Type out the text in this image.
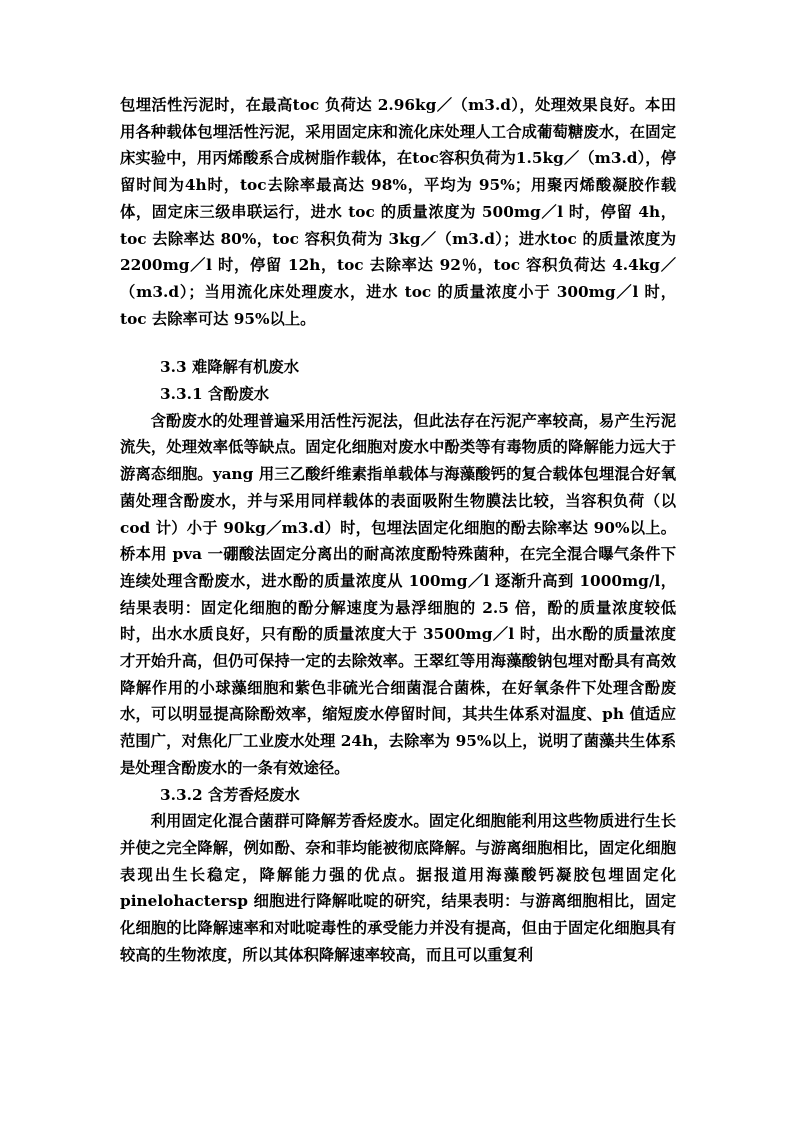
包埋活性污泥时，在最高toc 负荷达 2.96kg／（m3.d），处理效果良好。本田用各种载体包埋活性污泥，采用固定床和流化床处理人工合成葡萄糖废水，在固定床实验中，用丙烯酸系合成树脂作载体，在toc容积负荷为1.5kg／（m3.d），停留时间为4h时，toc去除率最高达 98%，平均为 95%；用聚丙烯酸凝胶作载体，固定床三级串联运行，进水 toc 的质量浓度为 500mg／l 时，停留 4h，toc 去除率达 80%，toc 容积负荷为 3kg／（m3.d）；进水toc 的质量浓度为 2200mg／l 时，停留 12h，toc 去除率达 92％，toc 容积负荷达 4.4kg／（m3.d）；当用流化床处理废水，进水 toc 的质量浓度小于 300mg／l 时，toc 去除率可达 95%以上。

3.3 难降解有机废水

3.3.1 含酚废水

含酚废水的处理普遍采用活性污泥法，但此法存在污泥产率较高，易产生污泥流失，处理效率低等缺点。固定化细胞对废水中酚类等有毒物质的降解能力远大于游离态细胞。yang 用三乙酸纤维素指单载体与海藻酸钙的复合载体包埋混合好氧菌处理含酚废水，并与采用同样载体的表面吸附生物膜法比较，当容积负荷（以 cod 计）小于 90kg／m3.d）时，包埋法固定化细胞的酚去除率达 90%以上。桥本用 pva 一硼酸法固定分离出的耐高浓度酚特殊菌种，在完全混合曝气条件下连续处理含酚废水，进水酚的质量浓度从 100mg／l 逐渐升高到 1000mg/l，结果表明：固定化细胞的酚分解速度为悬浮细胞的 2.5 倍，酚的质量浓度较低时，出水水质良好，只有酚的质量浓度大于 3500mg／l 时，出水酚的质量浓度才开始升高，但仍可保持一定的去除效率。王翠红等用海藻酸钠包埋对酚具有高效降解作用的小球藻细胞和紫色非硫光合细菌混合菌株，在好氧条件下处理含酚废水，可以明显提高除酚效率，缩短废水停留时间，其共生体系对温度、ph 值适应范围广，对焦化厂工业废水处理 24h，去除率为 95%以上，说明了菌藻共生体系是处理含酚废水的一条有效途径。

3.3.2 含芳香烃废水

利用固定化混合菌群可降解芳香烃废水。固定化细胞能利用这些物质进行生长并使之完全降解，例如酚、奈和菲均能被彻底降解。与游离细胞相比，固定化细胞表现出生长稳定，降解能力强的优点。据报道用海藻酸钙凝胶包埋固定化 pinelohactersp 细胞进行降解吡啶的研究，结果表明：与游离细胞相比，固定化细胞的比降解速率和对吡啶毒性的承受能力并没有提高，但由于固定化细胞具有较高的生物浓度，所以其体积降解速率较高，而且可以重复利
